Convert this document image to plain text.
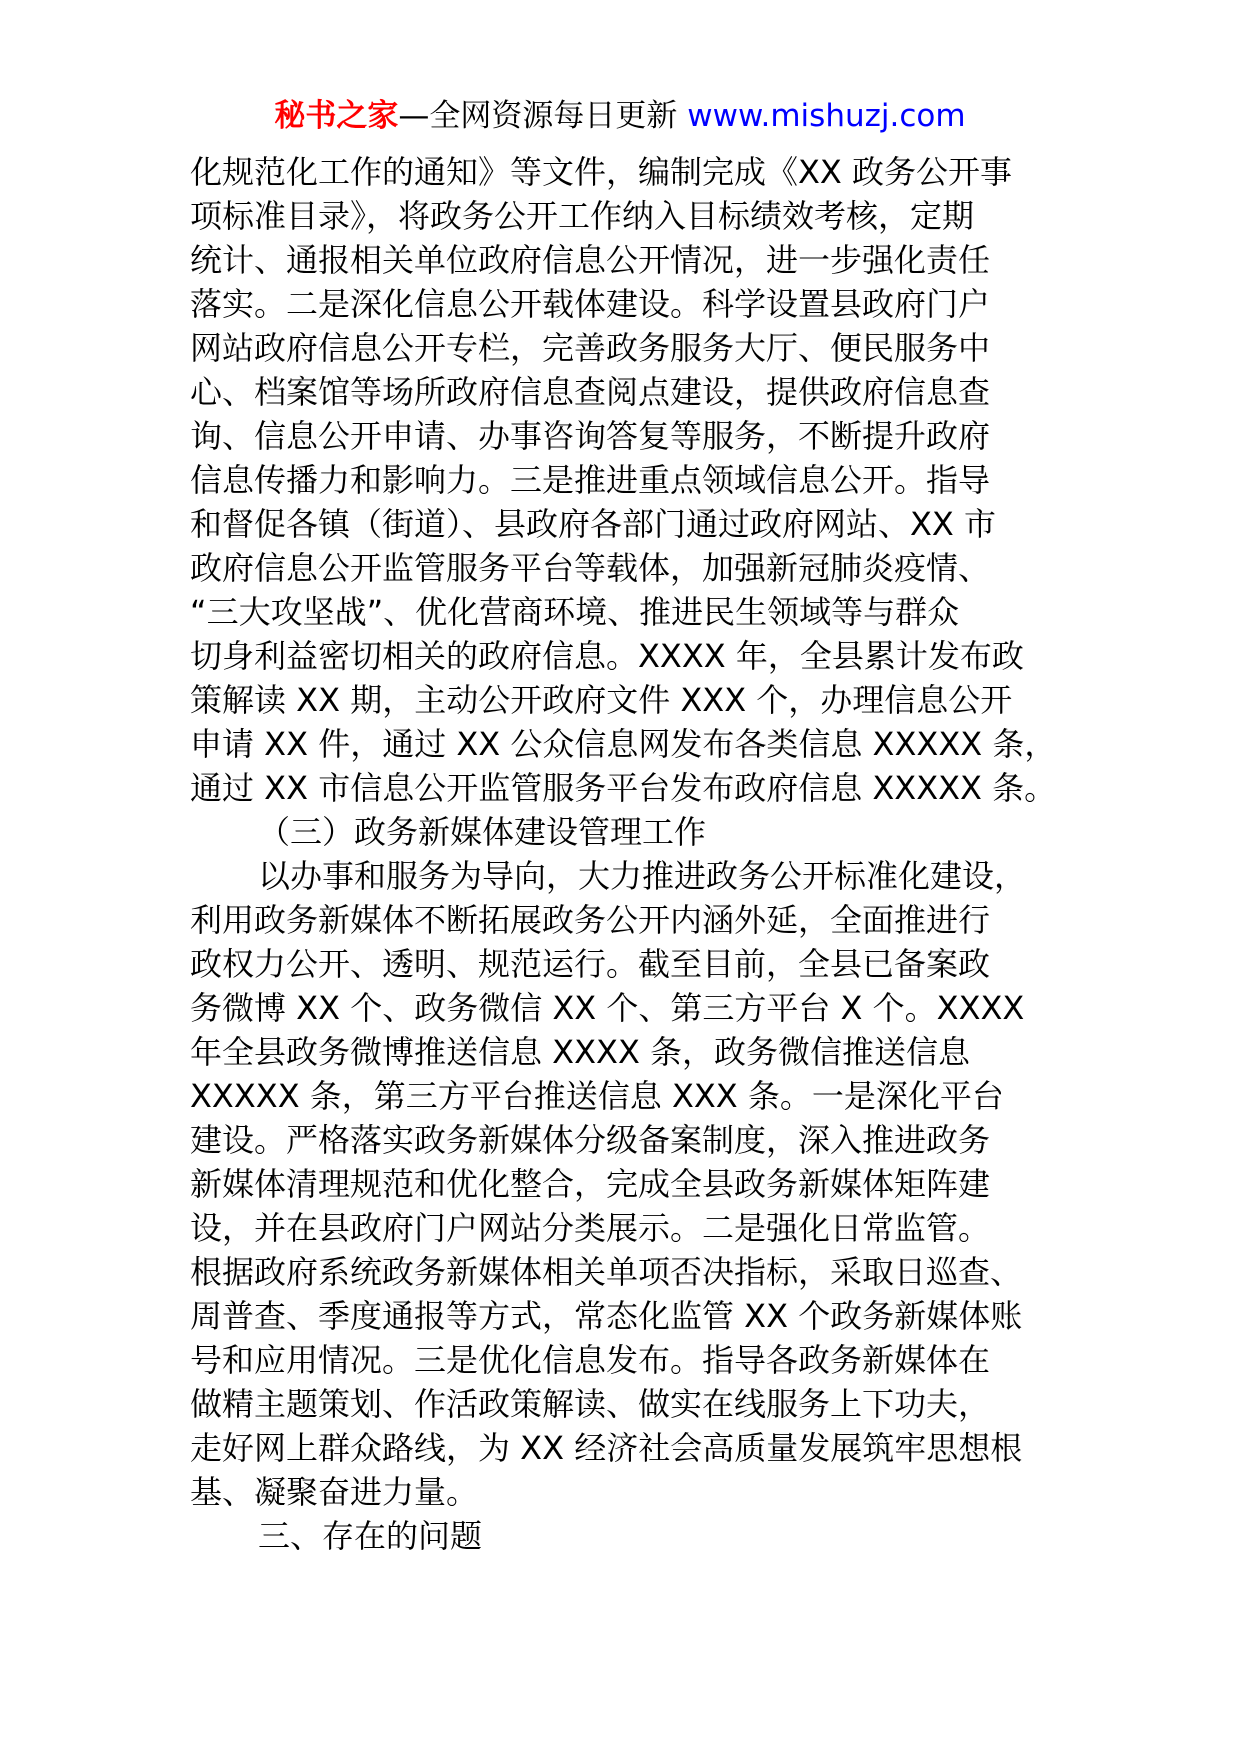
秘书之家—全网资源每日更新 www.mishuzj.com
化规范化工作的通知》等文件，编制完成《XX 政务公开事
项标准目录》，将政务公开工作纳入目标绩效考核，定期
统计、通报相关单位政府信息公开情况，进一步强化责任
落实。二是深化信息公开载体建设。科学设置县政府门户
网站政府信息公开专栏，完善政务服务大厅、便民服务中
心、档案馆等场所政府信息查阅点建设，提供政府信息查
询、信息公开申请、办事咨询答复等服务，不断提升政府
信息传播力和影响力。三是推进重点领域信息公开。指导
和督促各镇（街道）、县政府各部门通过政府网站、XX 市
政府信息公开监管服务平台等载体，加强新冠肺炎疫情、
“三大攻坚战”、优化营商环境、推进民生领域等与群众
切身利益密切相关的政府信息。XXXX 年，全县累计发布政
策解读 XX 期，主动公开政府文件 XXX 个，办理信息公开
申请 XX 件，通过 XX 公众信息网发布各类信息 XXXXX 条，
通过 XX 市信息公开监管服务平台发布政府信息 XXXXX 条。
（三）政务新媒体建设管理工作
以办事和服务为导向，大力推进政务公开标准化建设，
利用政务新媒体不断拓展政务公开内涵外延，全面推进行
政权力公开、透明、规范运行。截至目前，全县已备案政
务微博 XX 个、政务微信 XX 个、第三方平台 X 个。XXXX
年全县政务微博推送信息 XXXX 条，政务微信推送信息
XXXXX 条，第三方平台推送信息 XXX 条。一是深化平台
建设。严格落实政务新媒体分级备案制度，深入推进政务
新媒体清理规范和优化整合，完成全县政务新媒体矩阵建
设，并在县政府门户网站分类展示。二是强化日常监管。
根据政府系统政务新媒体相关单项否决指标，采取日巡查、
周普查、季度通报等方式，常态化监管 XX 个政务新媒体账
号和应用情况。三是优化信息发布。指导各政务新媒体在
做精主题策划、作活政策解读、做实在线服务上下功夫，
走好网上群众路线，为 XX 经济社会高质量发展筑牢思想根
基、凝聚奋进力量。
三、存在的问题
